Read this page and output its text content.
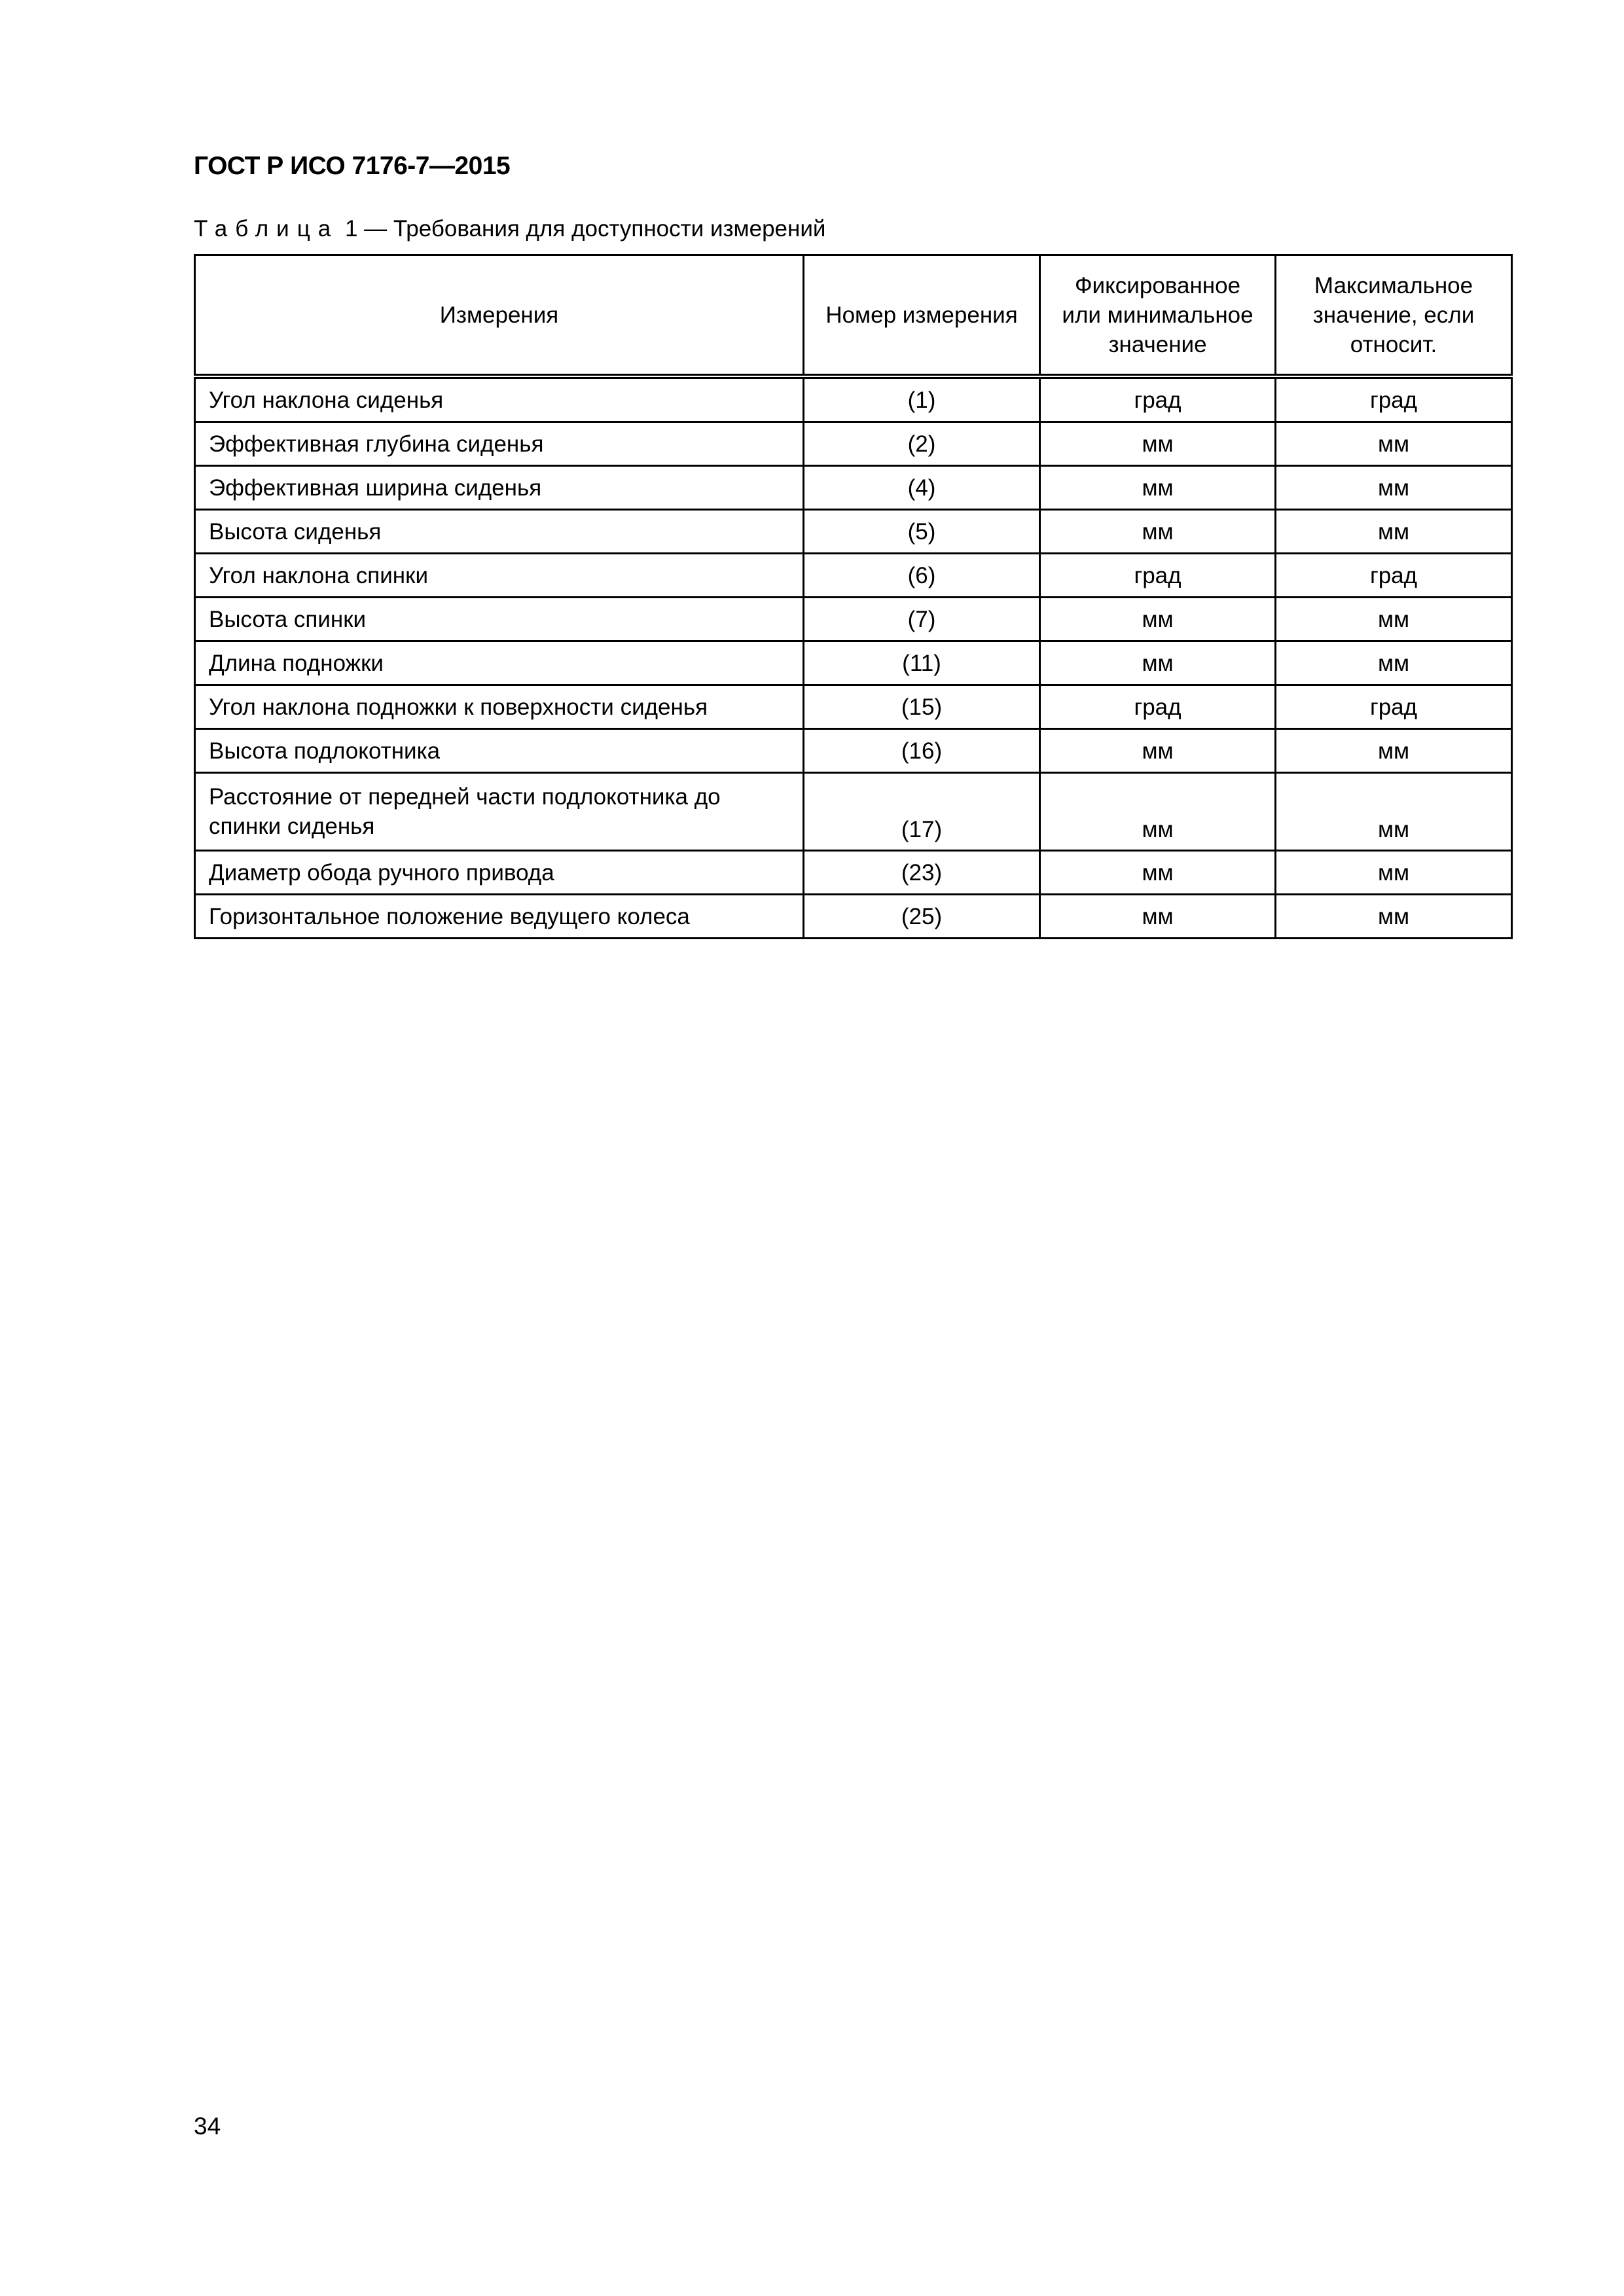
ГОСТ Р ИСО 7176-7—2015
Таблица 1 — Требования для доступности измерений
Измерения	Номер измерения	Фиксированное или минимальное значение	Максимальное значение, если относит.
Угол наклона сиденья	(1)	град	град
Эффективная глубина сиденья	(2)	мм	мм
Эффективная ширина сиденья	(4)	мм	мм
Высота сиденья	(5)	мм	мм
Угол наклона спинки	(6)	град	град
Высота спинки	(7)	мм	мм
Длина подножки	(11)	мм	мм
Угол наклона подножки к поверхности сиденья	(15)	град	град
Высота подлокотника	(16)	мм	мм
Расстояние от передней части подлокотника до спинки сиденья	(17)	мм	мм
Диаметр обода ручного привода	(23)	мм	мм
Горизонтальное положение ведущего колеса	(25)	мм	мм
34
